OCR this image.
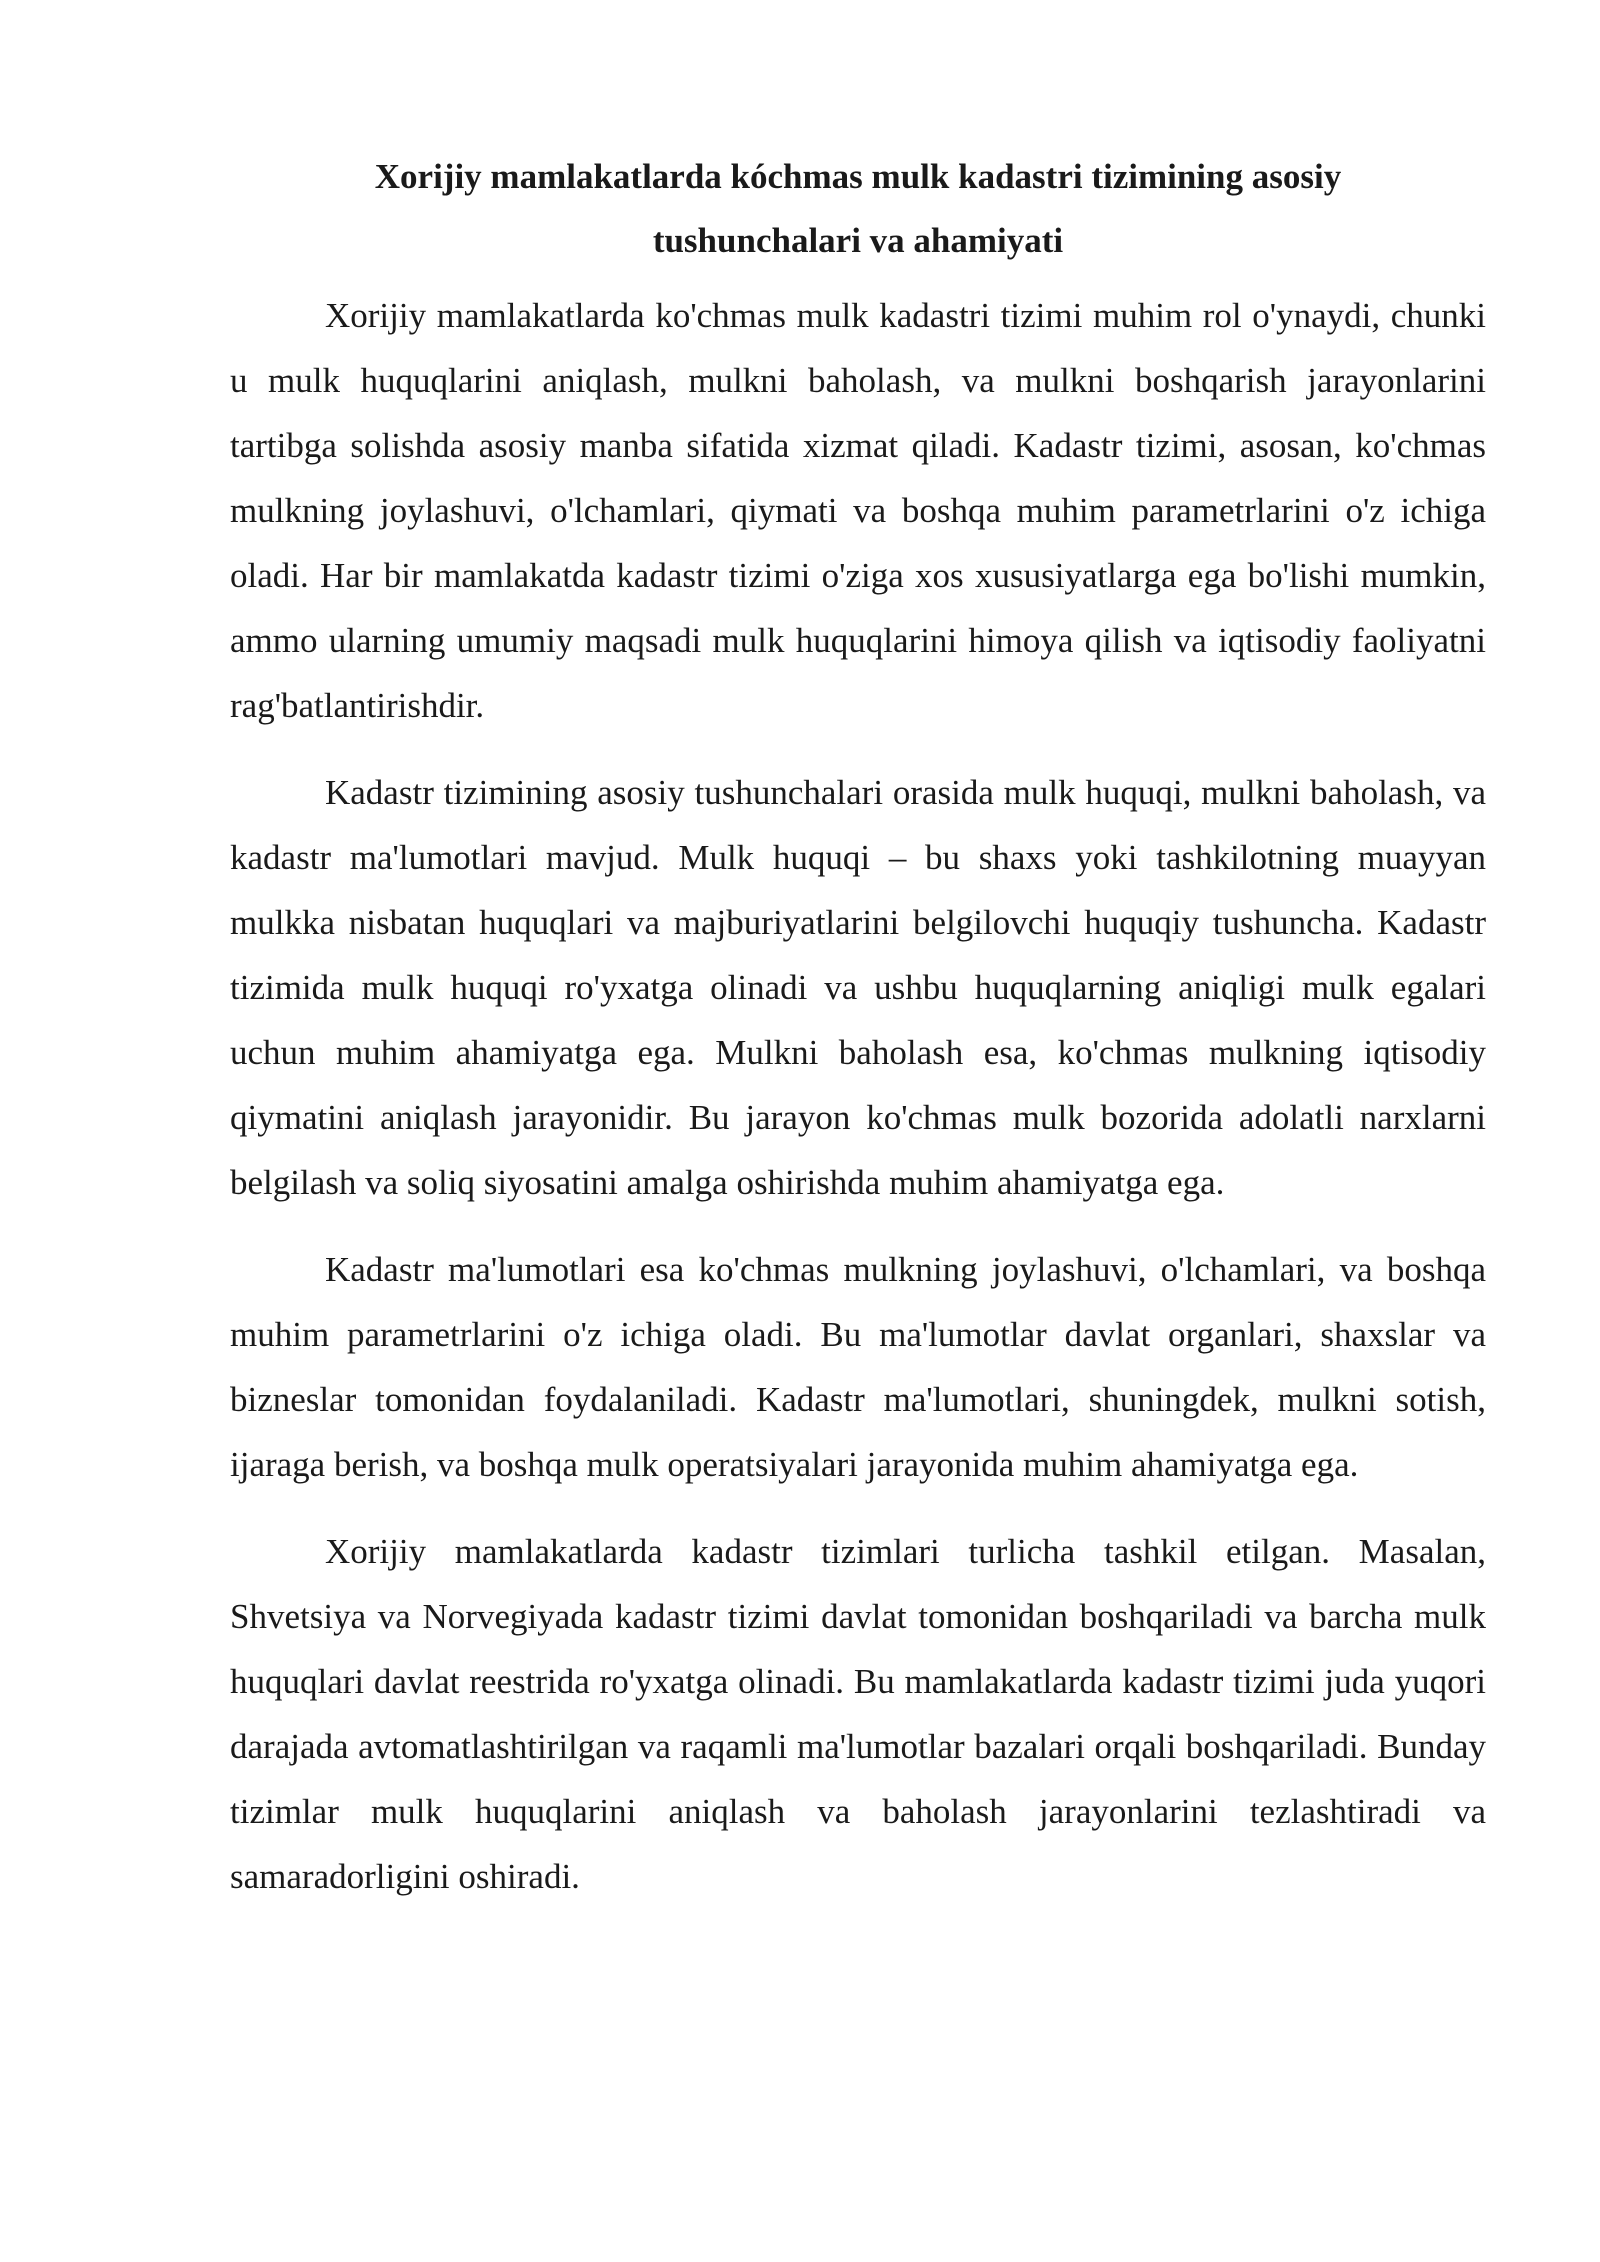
Xorijiy mamlakatlarda kóchmas mulk kadastri tizimining asosiy
tushunchalari va ahamiyati

Xorijiy mamlakatlarda ko'chmas mulk kadastri tizimi muhim rol o'ynaydi, chunki u mulk huquqlarini aniqlash, mulkni baholash, va mulkni boshqarish jarayonlarini tartibga solishda asosiy manba sifatida xizmat qiladi. Kadastr tizimi, asosan, ko'chmas mulkning joylashuvi, o'lchamlari, qiymati va boshqa muhim parametrlarini o'z ichiga oladi. Har bir mamlakatda kadastr tizimi o'ziga xos xususiyatlarga ega bo'lishi mumkin, ammo ularning umumiy maqsadi mulk huquqlarini himoya qilish va iqtisodiy faoliyatni rag'batlantirishdir.

Kadastr tizimining asosiy tushunchalari orasida mulk huquqi, mulkni baholash, va kadastr ma'lumotlari mavjud. Mulk huquqi – bu shaxs yoki tashkilotning muayyan mulkka nisbatan huquqlari va majburiyatlarini belgilovchi huquqiy tushuncha. Kadastr tizimida mulk huquqi ro'yxatga olinadi va ushbu huquqlarning aniqligi mulk egalari uchun muhim ahamiyatga ega. Mulkni baholash esa, ko'chmas mulkning iqtisodiy qiymatini aniqlash jarayonidir. Bu jarayon ko'chmas mulk bozorida adolatli narxlarni belgilash va soliq siyosatini amalga oshirishda muhim ahamiyatga ega.

Kadastr ma'lumotlari esa ko'chmas mulkning joylashuvi, o'lchamlari, va boshqa muhim parametrlarini o'z ichiga oladi. Bu ma'lumotlar davlat organlari, shaxslar va bizneslar tomonidan foydalaniladi. Kadastr ma'lumotlari, shuningdek, mulkni sotish, ijaraga berish, va boshqa mulk operatsiyalari jarayonida muhim ahamiyatga ega.

Xorijiy mamlakatlarda kadastr tizimlari turlicha tashkil etilgan. Masalan, Shvetsiya va Norvegiyada kadastr tizimi davlat tomonidan boshqariladi va barcha mulk huquqlari davlat reestrida ro'yxatga olinadi. Bu mamlakatlarda kadastr tizimi juda yuqori darajada avtomatlashtirilgan va raqamli ma'lumotlar bazalari orqali boshqariladi. Bunday tizimlar mulk huquqlarini aniqlash va baholash jarayonlarini tezlashtiradi va samaradorligini oshiradi.
